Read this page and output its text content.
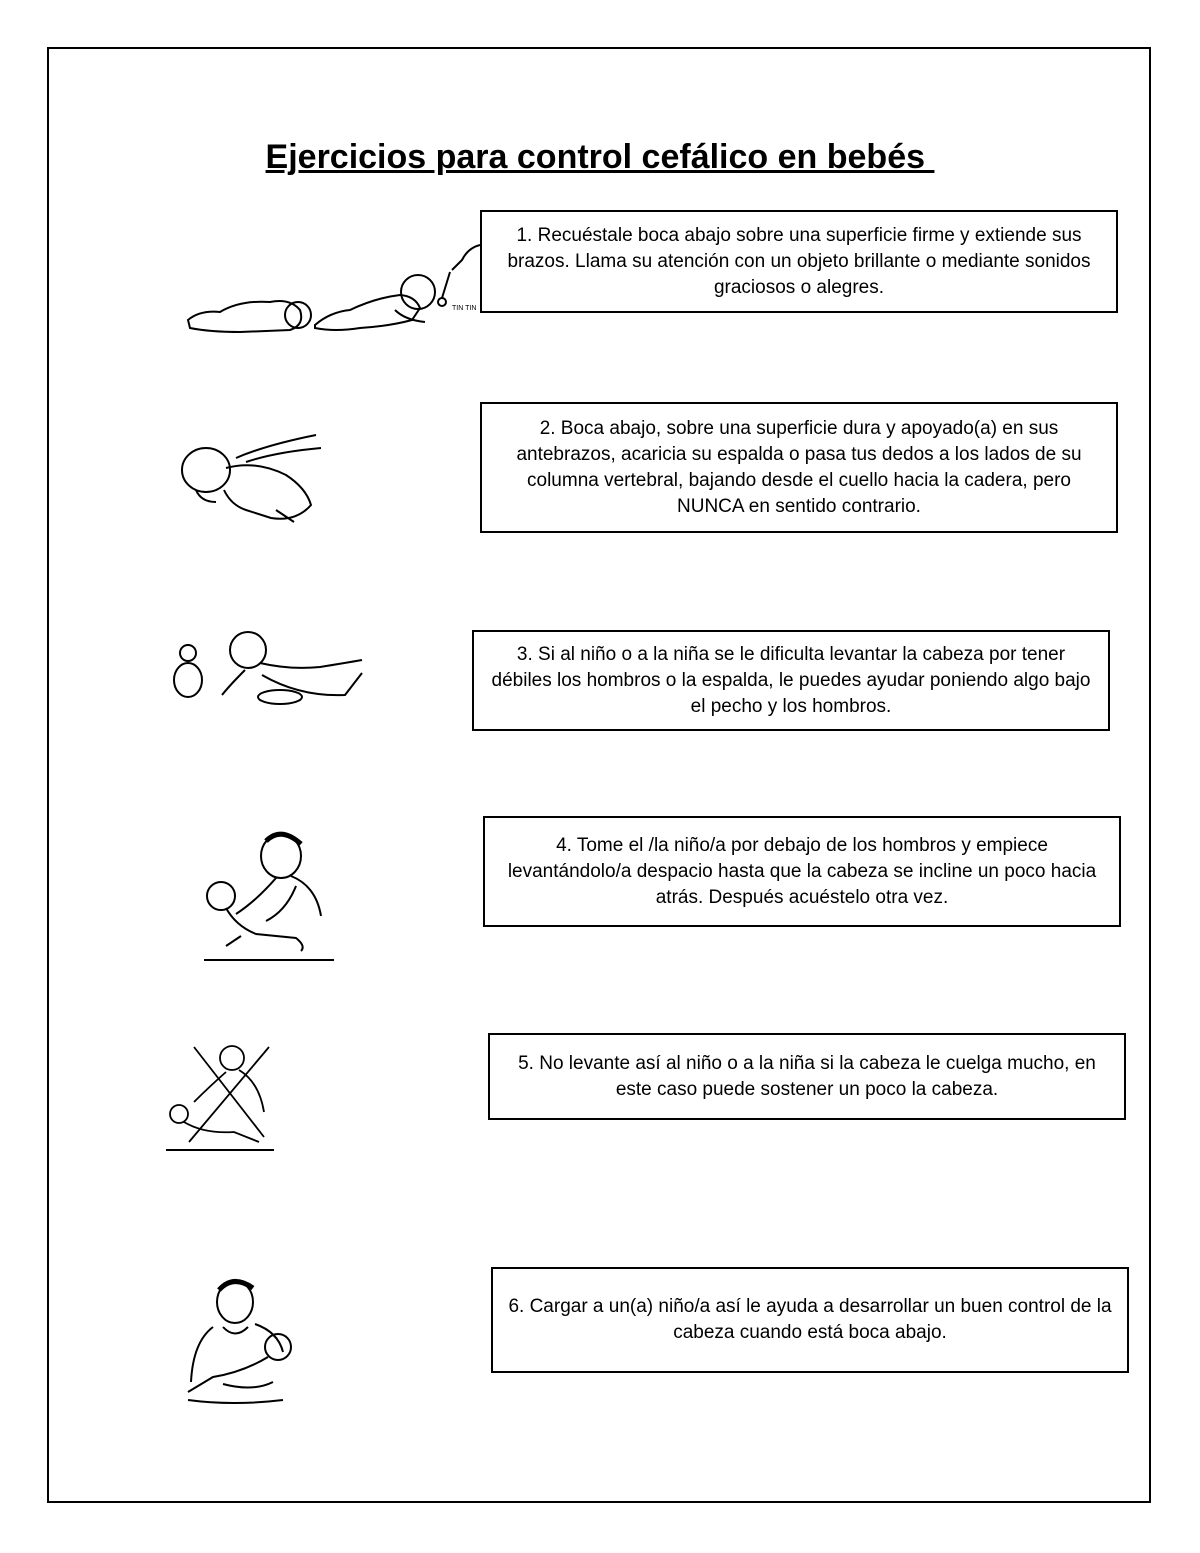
Ejercicios para control cefálico en bebés
TIN TIN
1. Recuéstale boca abajo sobre una superficie firme y extiende sus brazos. Llama su atención con un objeto brillante o mediante sonidos graciosos o alegres.
2. Boca abajo, sobre una superficie dura y apoyado(a) en sus antebrazos, acaricia su espalda o pasa tus dedos a los lados de su columna vertebral, bajando desde el cuello hacia la cadera, pero NUNCA en sentido contrario.
3. Si al niño o a la niña se le dificulta levantar la cabeza por tener débiles los hombros o la espalda, le puedes ayudar poniendo algo bajo el pecho y los hombros.
4. Tome el /la niño/a por debajo de los hombros y empiece levantándolo/a despacio hasta que la cabeza se incline un poco hacia atrás. Después acuéstelo otra vez.
5. No levante así al niño o a la niña si la cabeza le cuelga mucho, en este caso puede sostener un poco la cabeza.
6. Cargar a un(a) niño/a así le ayuda a desarrollar un buen control de la cabeza cuando está boca abajo.
